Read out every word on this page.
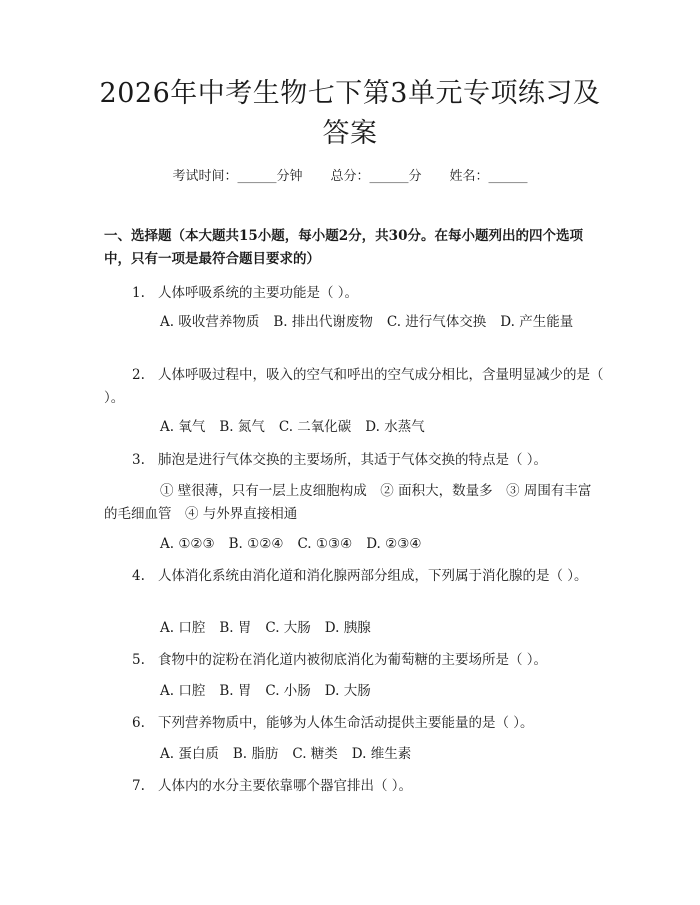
2026年中考生物七下第3单元专项练习及答案
考试时间：______分钟 总分：______分 姓名：______
一、选择题（本大题共15小题，每小题2分，共30分。在每小题列出的四个选项中，只有一项是最符合题目要求的）
1. 人体呼吸系统的主要功能是（ ）。
A. 吸收营养物质 B. 排出代谢废物 C. 进行气体交换 D. 产生能量
2. 人体呼吸过程中，吸入的空气和呼出的空气成分相比，含量明显减少的是（ ）。
A. 氧气 B. 氮气 C. 二氧化碳 D. 水蒸气
3. 肺泡是进行气体交换的主要场所，其适于气体交换的特点是（ ）。
① 壁很薄，只有一层上皮细胞构成　② 面积大，数量多　③ 周围有丰富的毛细血管　④ 与外界直接相通
A. ①②③ B. ①②④ C. ①③④ D. ②③④
4. 人体消化系统由消化道和消化腺两部分组成，下列属于消化腺的是（ ）。
A. 口腔 B. 胃 C. 大肠 D. 胰腺
5. 食物中的淀粉在消化道内被彻底消化为葡萄糖的主要场所是（ ）。
A. 口腔 B. 胃 C. 小肠 D. 大肠
6. 下列营养物质中，能够为人体生命活动提供主要能量的是（ ）。
A. 蛋白质 B. 脂肪 C. 糖类 D. 维生素
7. 人体内的水分主要依靠哪个器官排出（ ）。
